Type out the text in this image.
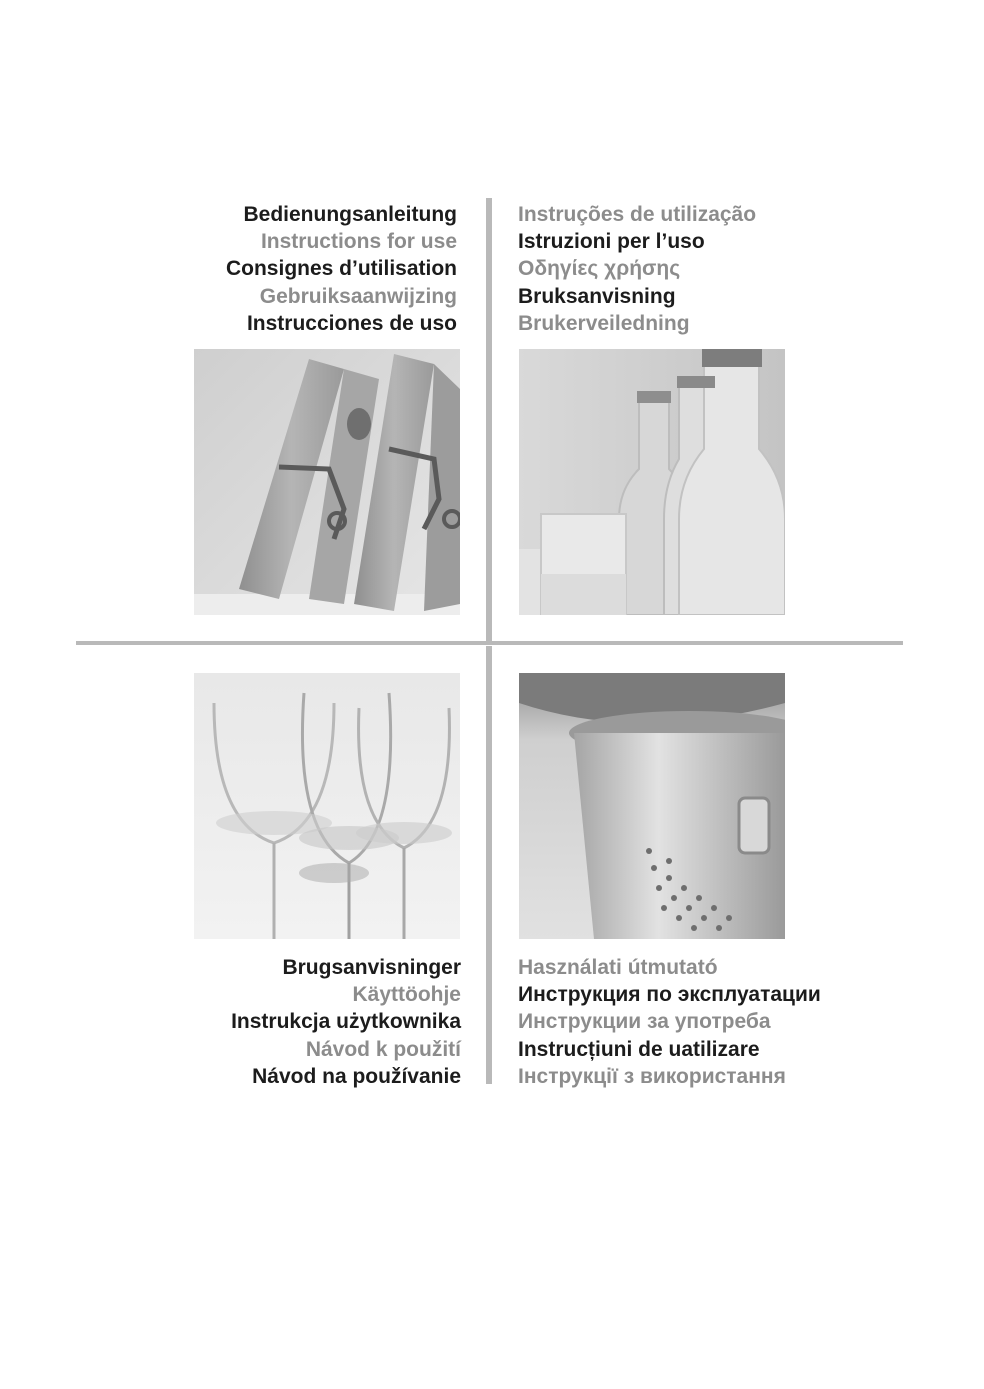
Bedienungsanleitung
Instructions for use
Consignes d’utilisation
Gebruiksaanwijzing
Instrucciones de uso
Instruções de utilização
Istruzioni per l’uso
Οδηγίες χρήσης
Bruksanvisning
Brukerveiledning
Brugsanvisninger
Käyttöohje
Instrukcja użytkownika
Návod k použití
Návod na používanie
Használati útmutató
Инструкция по эксплуатации
Инструкции за употреба
Instrucțiuni de uatilizare
Інструкції з використання
